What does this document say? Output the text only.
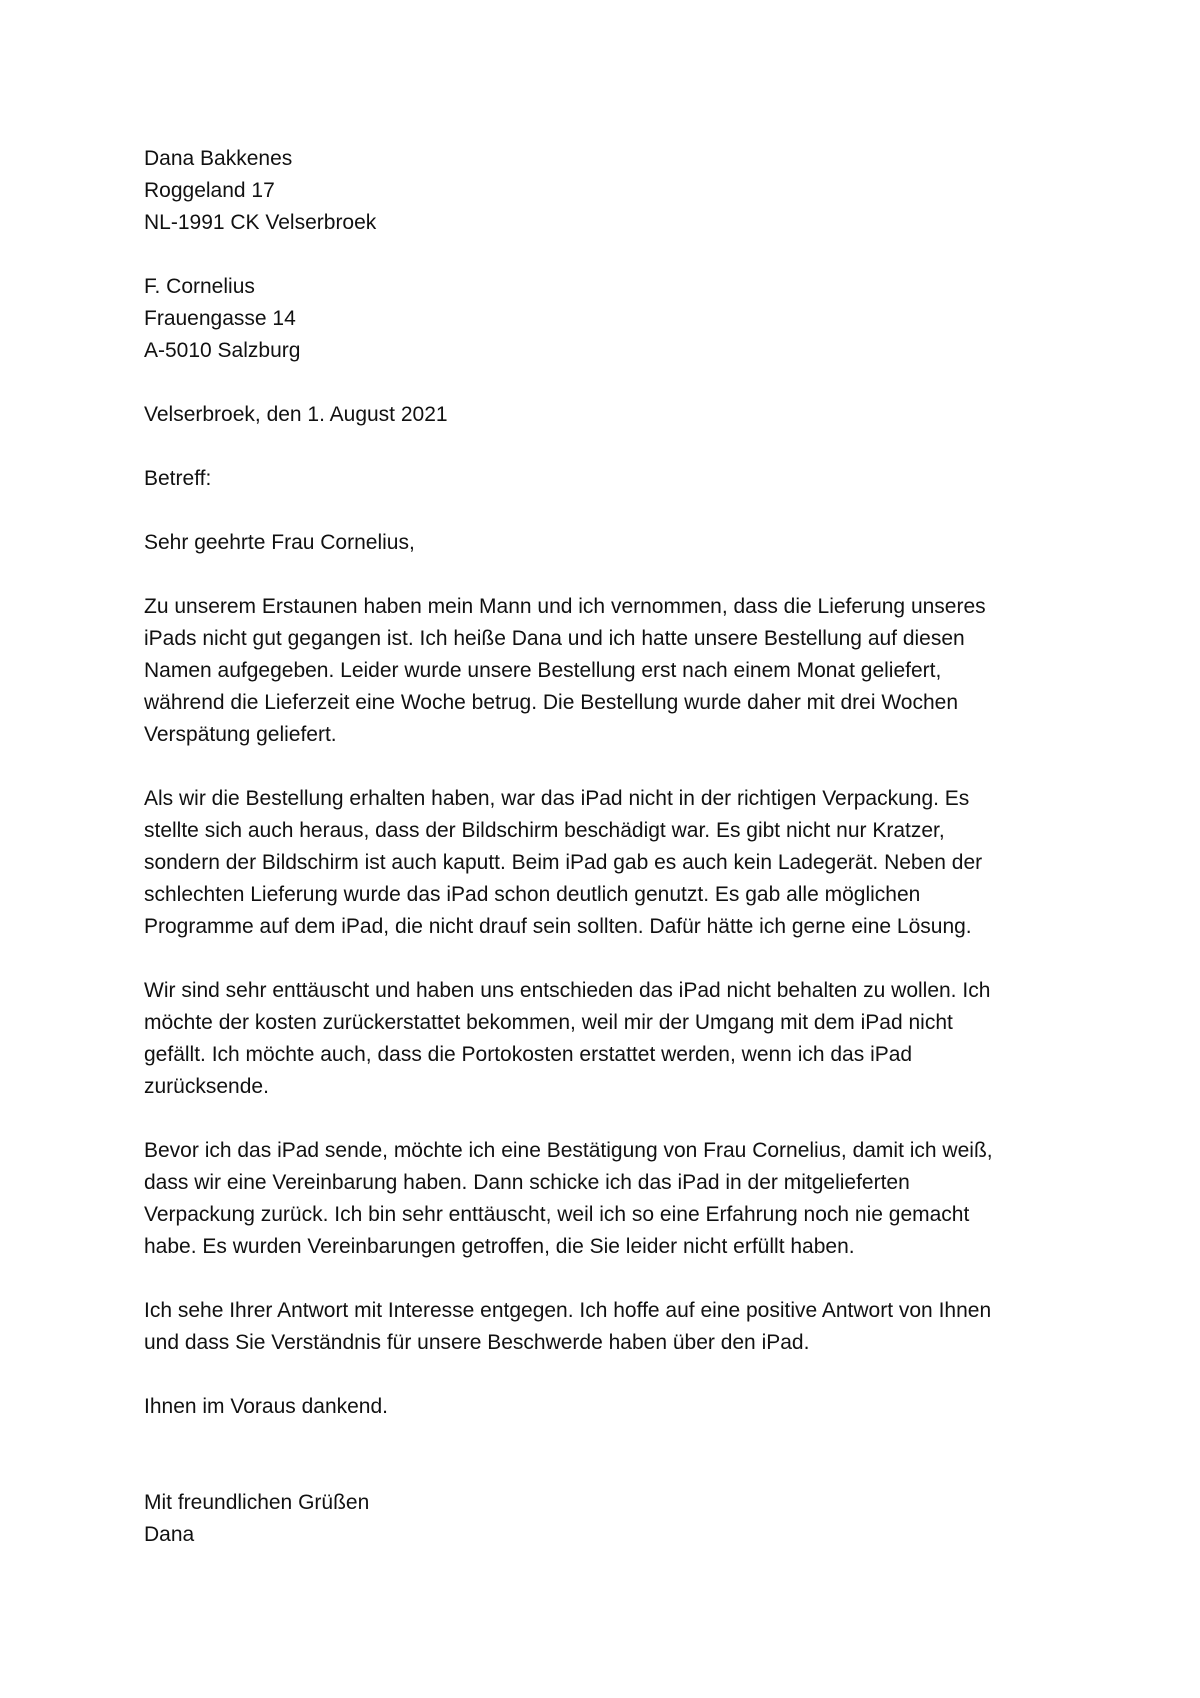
Dana Bakkenes
Roggeland 17
NL-1991 CK Velserbroek
F. Cornelius
Frauengasse 14
A-5010 Salzburg
Velserbroek, den 1. August 2021
Betreff:
Sehr geehrte Frau Cornelius,
Zu unserem Erstaunen haben mein Mann und ich vernommen, dass die Lieferung unseres
iPads nicht gut gegangen ist. Ich heiße Dana und ich hatte unsere Bestellung auf diesen
Namen aufgegeben. Leider wurde unsere Bestellung erst nach einem Monat geliefert,
während die Lieferzeit eine Woche betrug. Die Bestellung wurde daher mit drei Wochen
Verspätung geliefert.
Als wir die Bestellung erhalten haben, war das iPad nicht in der richtigen Verpackung. Es
stellte sich auch heraus, dass der Bildschirm beschädigt war. Es gibt nicht nur Kratzer,
sondern der Bildschirm ist auch kaputt. Beim iPad gab es auch kein Ladegerät. Neben der
schlechten Lieferung wurde das iPad schon deutlich genutzt. Es gab alle möglichen
Programme auf dem iPad, die nicht drauf sein sollten. Dafür hätte ich gerne eine Lösung.
Wir sind sehr enttäuscht und haben uns entschieden das iPad nicht behalten zu wollen. Ich
möchte der kosten zurückerstattet bekommen, weil mir der Umgang mit dem iPad nicht
gefällt. Ich möchte auch, dass die Portokosten erstattet werden, wenn ich das iPad
zurücksende.
Bevor ich das iPad sende, möchte ich eine Bestätigung von Frau Cornelius, damit ich weiß,
dass wir eine Vereinbarung haben. Dann schicke ich das iPad in der mitgelieferten
Verpackung zurück. Ich bin sehr enttäuscht, weil ich so eine Erfahrung noch nie gemacht
habe. Es wurden Vereinbarungen getroffen, die Sie leider nicht erfüllt haben.
Ich sehe Ihrer Antwort mit Interesse entgegen. Ich hoffe auf eine positive Antwort von Ihnen
und dass Sie Verständnis für unsere Beschwerde haben über den iPad.
Ihnen im Voraus dankend.
Mit freundlichen Grüßen
Dana
